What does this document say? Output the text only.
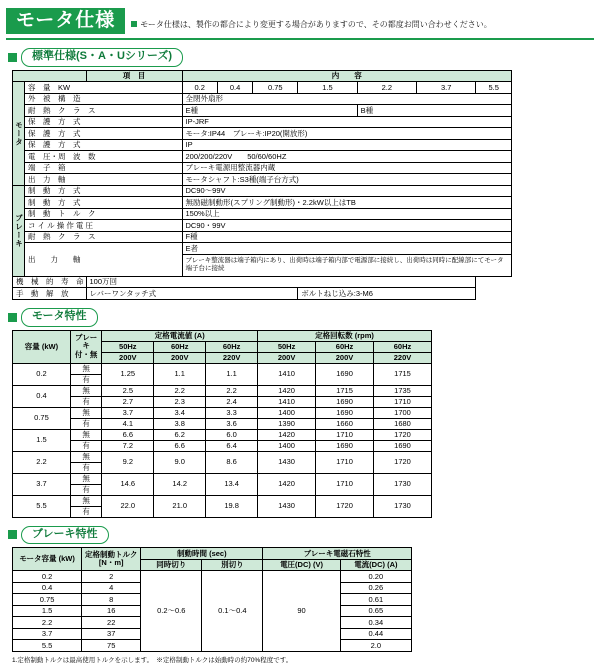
モータ仕様	モータ仕様は、製作の都合により変更する場合がありますので、その都度お問い合わせください。
標準仕様(S・A・Uシリーズ)
		項　目	内　　容						
モータ	容　量　KW		0.2	0.4	0.75	1.5	2.2	3.7	5.5
	外　被　構　造		全閉外扇形						
	耐　熱　ク　ラ　ス		E種				B種		
	保　護　方　式		IP-JRF						
	保　護　方　式		モータ:IP44　ブレーキ:IP20(開放形)						
	保　護　方　式		IP						
	電　圧・周　波　数		200/200/220V　　50/60/60HZ						
	端　子　箱		ブレーキ電源用整流器内蔵						
	出　力　軸		モータシャフト:S3種(端子台方式)						
ブレーキ	制　動　方　式		DC90～99V						
	制　動　方　式		無励磁制動形(スプリング制動形)・2.2kW以上はTB						
	制　動　ト　ル　ク		150%以上						
	コ イ ル 操 作 電 圧		DC90・99V						
	耐　熱　ク　ラ　ス		F種						
	出　　力　　軸		E者						
			ブレーキ整流器は端子箱内にあり、出荷時は端子箱内部で電源部に接続し、出荷時は同時に配線部にてモータ端子台に接続						
機　械　的　寿　命		100万回							
手　動　解　放		レバーワンタッチ式				ボルトねじ込み:3-M6			
モータ特性
容量 (kW)	ブレーキ
付・無	定格電流値 (A)			定格回転数 (rpm)		
		50Hz	60Hz	60Hz	50Hz	60Hz	60Hz
		200V	200V	220V	200V	200V	220V
0.2	無	1.25	1.1	1.1	1410	1690	1715
	有						
0.4	無	2.5	2.2	2.2	1420	1715	1735
	有	2.7	2.3	2.4	1410	1690	1710
0.75	無	3.7	3.4	3.3	1400	1690	1700
	有	4.1	3.8	3.6	1390	1660	1680
1.5	無	6.6	6.2	6.0	1420	1710	1720
	有	7.2	6.6	6.4	1400	1690	1690
2.2	無	9.2	9.0	8.6	1430	1710	1720
	有						
3.7	無	14.6	14.2	13.4	1420	1710	1730
	有						
5.5	無	22.0	21.0	19.8	1430	1720	1730
	有						
ブレーキ特性
モータ容量 (kW)	定格制動トルク
[N・m]	制動時間 (sec)		ブレーキ電磁石特性	
		同時切り	別切り	電圧(DC) (V)	電流(DC) (A)
0.2	2	0.2～0.6	0.1～0.4	90	0.20
0.4	4				0.26
0.75	8				0.61
1.5	16				0.65
2.2	22				0.34
3.7	37				0.44
5.5	75				2.0
1.定格制動トルクは最高使用トルクを示します。　※定格制動トルクは始動時の約70%程度です。
